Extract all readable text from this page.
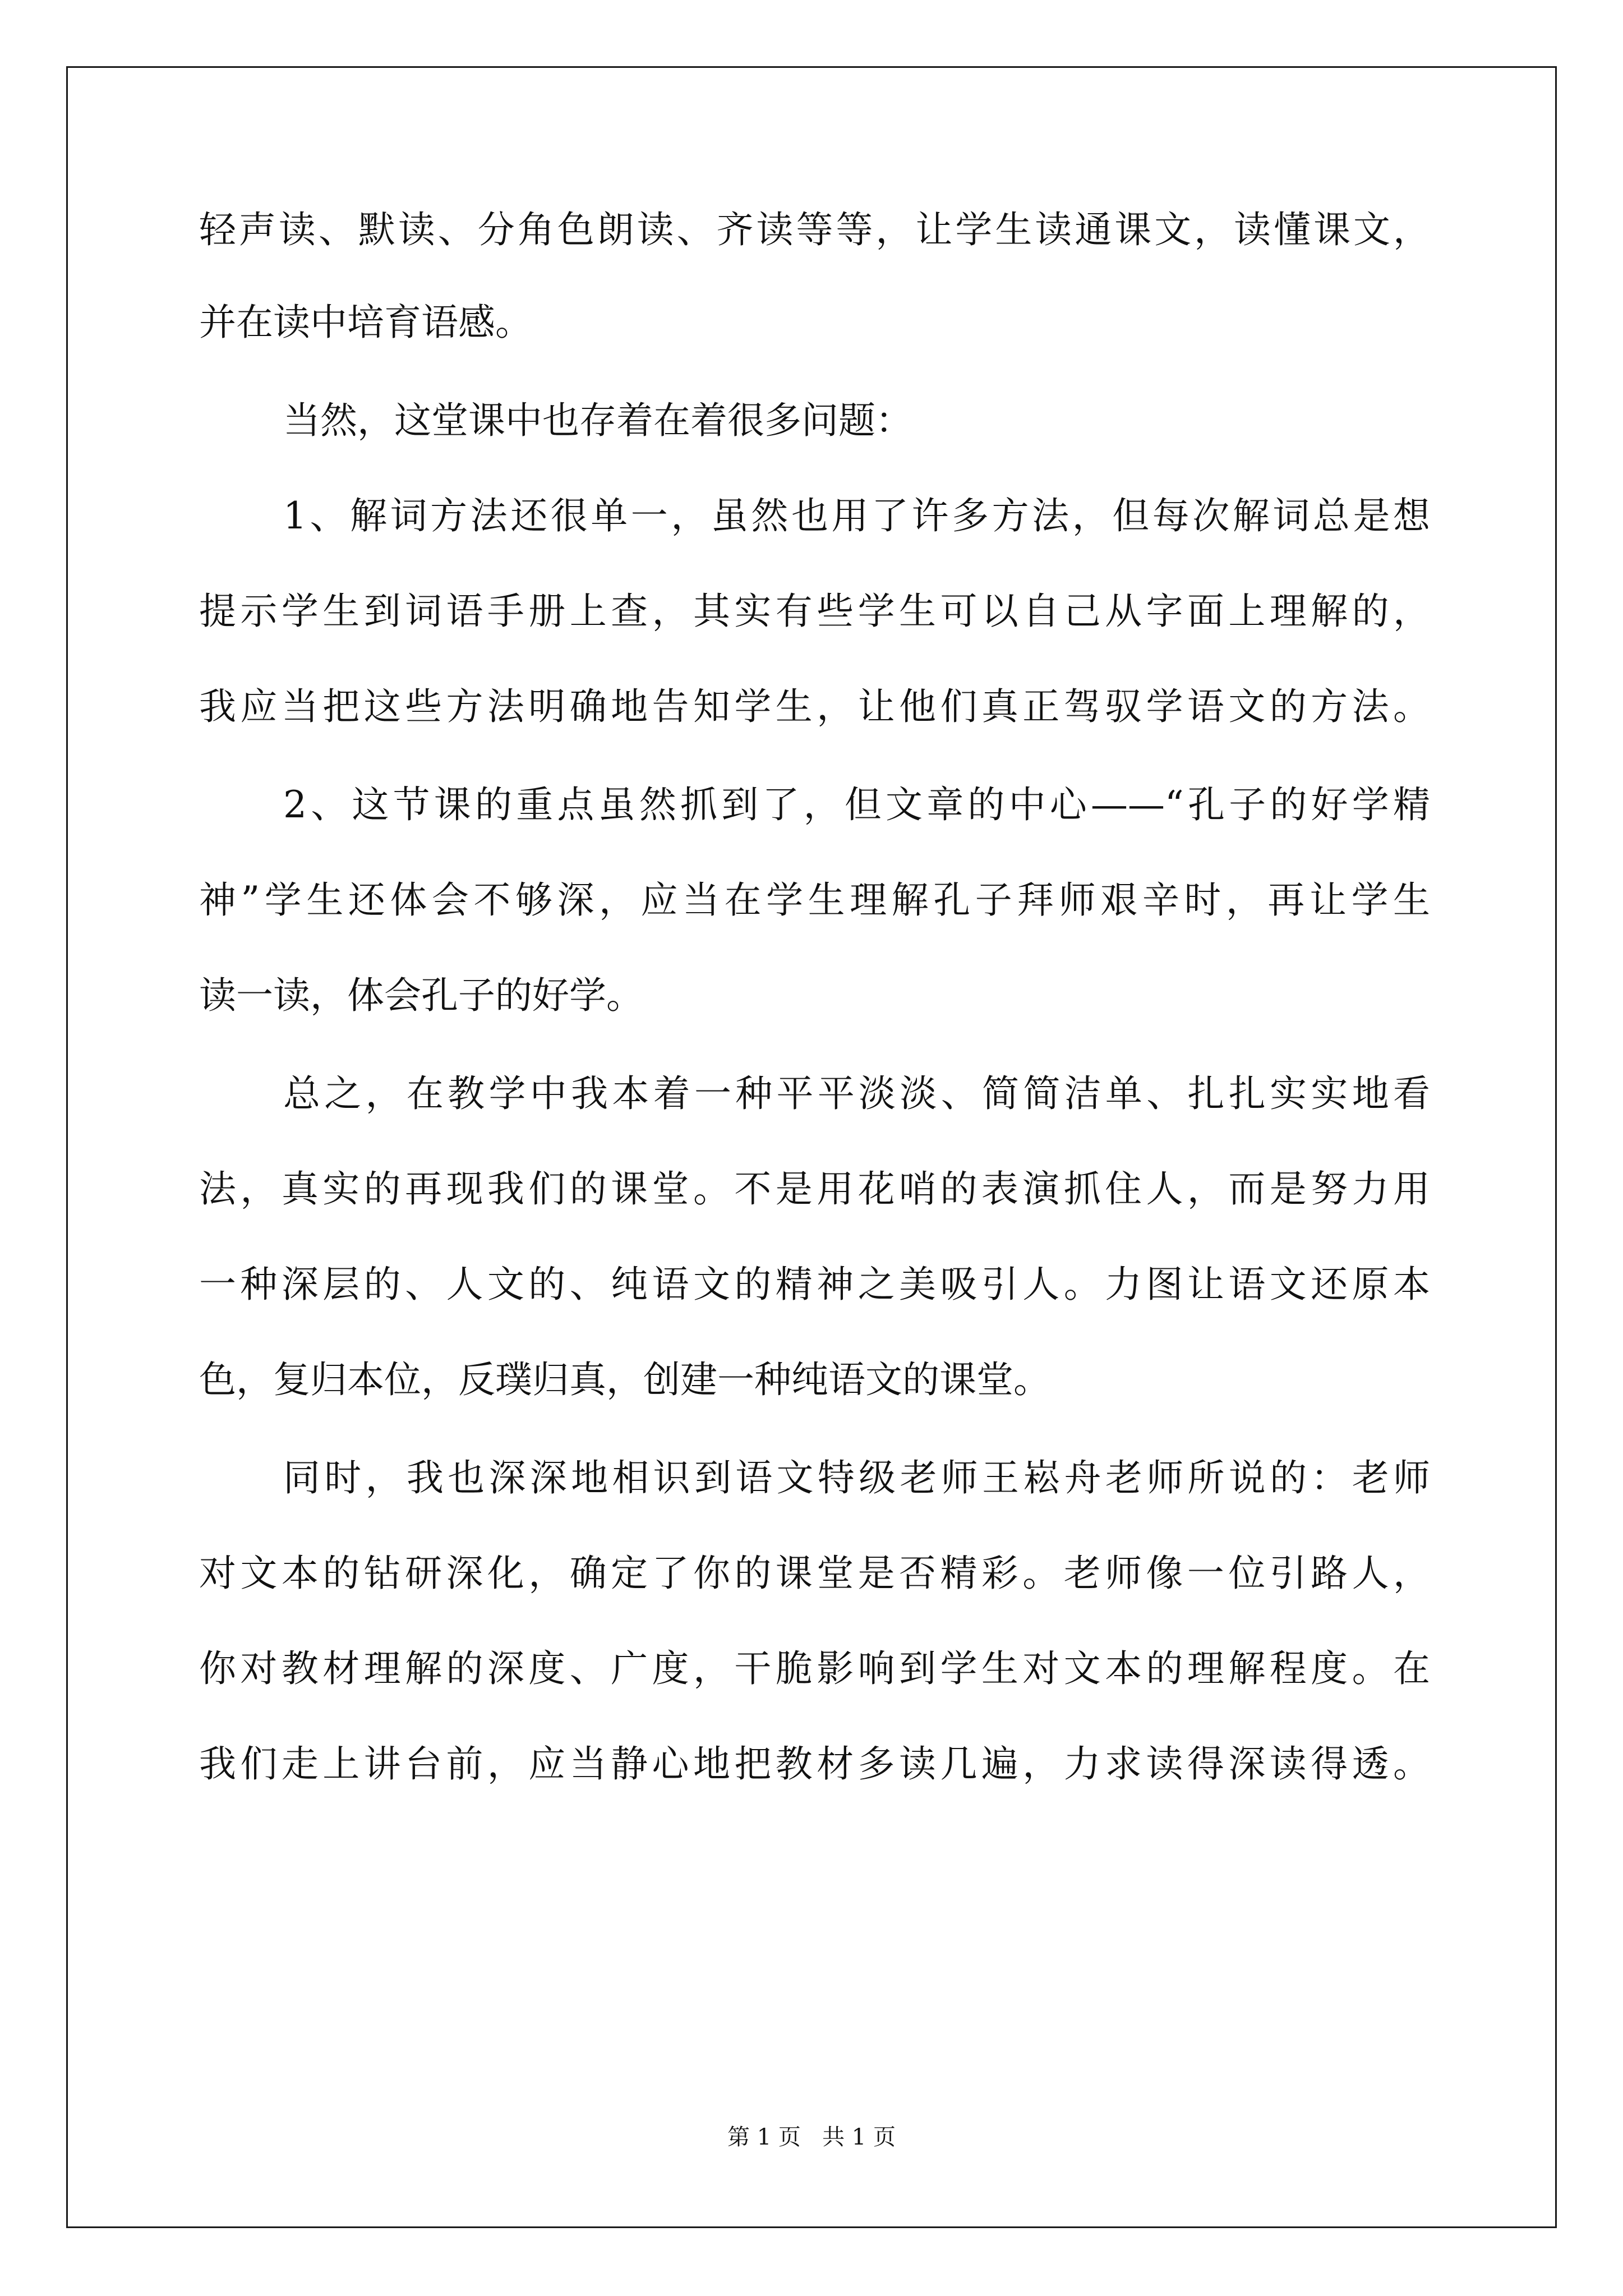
轻声读、默读、分角色朗读、齐读等等，让学生读通课文，读懂课文，
并在读中培育语感。
当然，这堂课中也存着在着很多问题：
1、解词方法还很单一，虽然也用了许多方法，但每次解词总是想
提示学生到词语手册上查，其实有些学生可以自己从字面上理解的，
我应当把这些方法明确地告知学生，让他们真正驾驭学语文的方法。
2、这节课的重点虽然抓到了，但文章的中心——“孔子的好学精
神”学生还体会不够深，应当在学生理解孔子拜师艰辛时，再让学生
读一读，体会孔子的好学。
总之，在教学中我本着一种平平淡淡、简简洁单、扎扎实实地看
法，真实的再现我们的课堂。不是用花哨的表演抓住人，而是努力用
一种深层的、人文的、纯语文的精神之美吸引人。力图让语文还原本
色，复归本位，反璞归真，创建一种纯语文的课堂。
同时，我也深深地相识到语文特级老师王崧舟老师所说的：老师
对文本的钻研深化，确定了你的课堂是否精彩。老师像一位引路人，
你对教材理解的深度、广度，干脆影响到学生对文本的理解程度。在
我们走上讲台前，应当静心地把教材多读几遍，力求读得深读得透。
第 1 页   共 1 页
